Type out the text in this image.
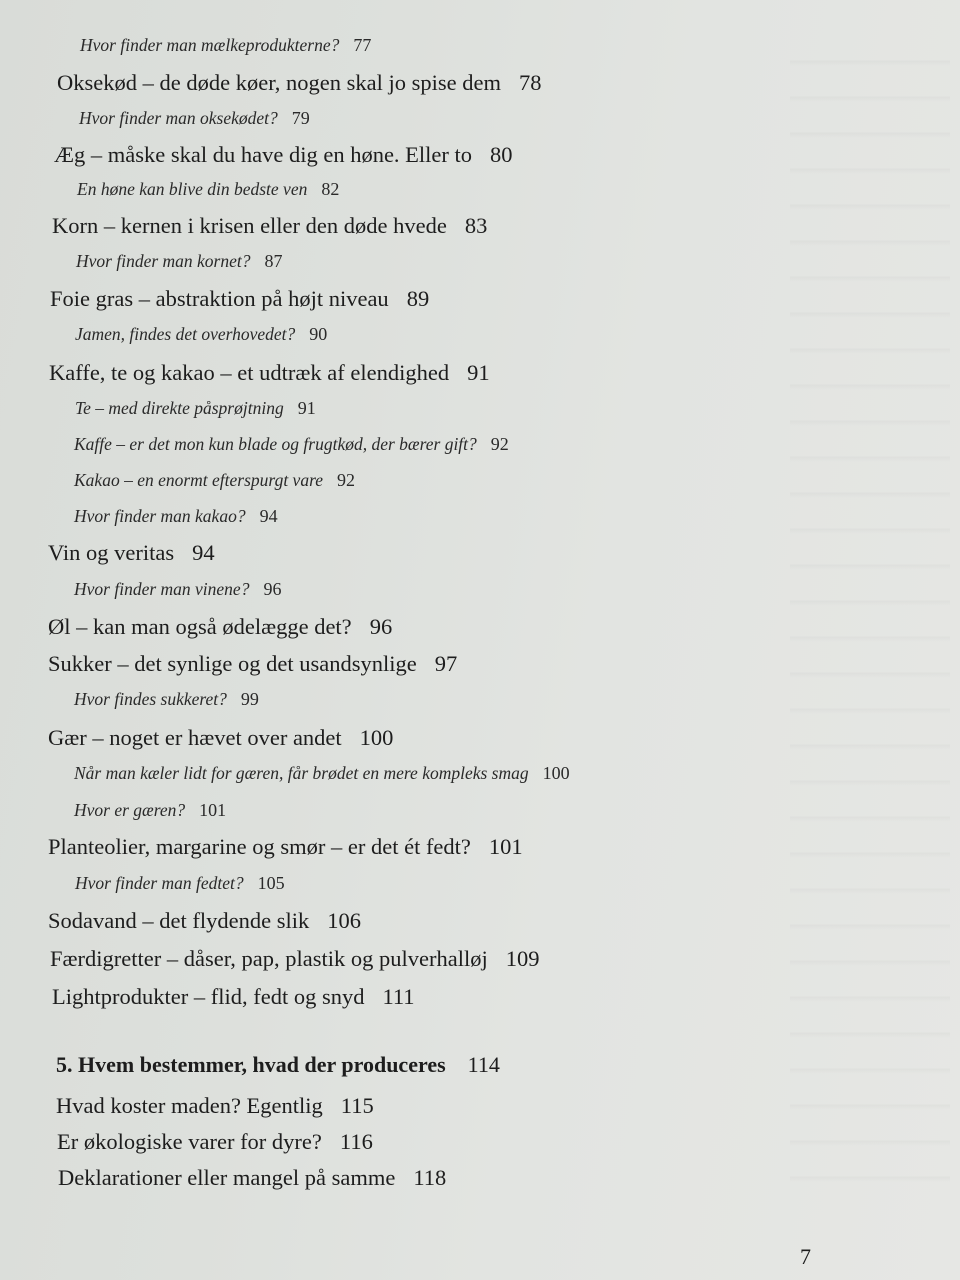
Hvor finder man mælkeprodukterne? 77
Oksekød – de døde køer, nogen skal jo spise dem 78
Hvor finder man oksekødet? 79
Æg – måske skal du have dig en høne. Eller to 80
En høne kan blive din bedste ven 82
Korn – kernen i krisen eller den døde hvede 83
Hvor finder man kornet? 87
Foie gras – abstraktion på højt niveau 89
Jamen, findes det overhovedet? 90
Kaffe, te og kakao – et udtræk af elendighed 91
Te – med direkte påsprøjtning 91
Kaffe – er det mon kun blade og frugtkød, der bærer gift? 92
Kakao – en enormt efterspurgt vare 92
Hvor finder man kakao? 94
Vin og veritas 94
Hvor finder man vinene? 96
Øl – kan man også ødelægge det? 96
Sukker – det synlige og det usandsynlige 97
Hvor findes sukkeret? 99
Gær – noget er hævet over andet 100
Når man kæler lidt for gæren, får brødet en mere kompleks smag 100
Hvor er gæren? 101
Planteolier, margarine og smør – er det ét fedt? 101
Hvor finder man fedtet? 105
Sodavand – det flydende slik 106
Færdigretter – dåser, pap, plastik og pulverhalløj 109
Lightprodukter – flid, fedt og snyd 111
5. Hvem bestemmer, hvad der produceres 114
Hvad koster maden? Egentlig 115
Er økologiske varer for dyre? 116
Deklarationer eller mangel på samme 118
7
